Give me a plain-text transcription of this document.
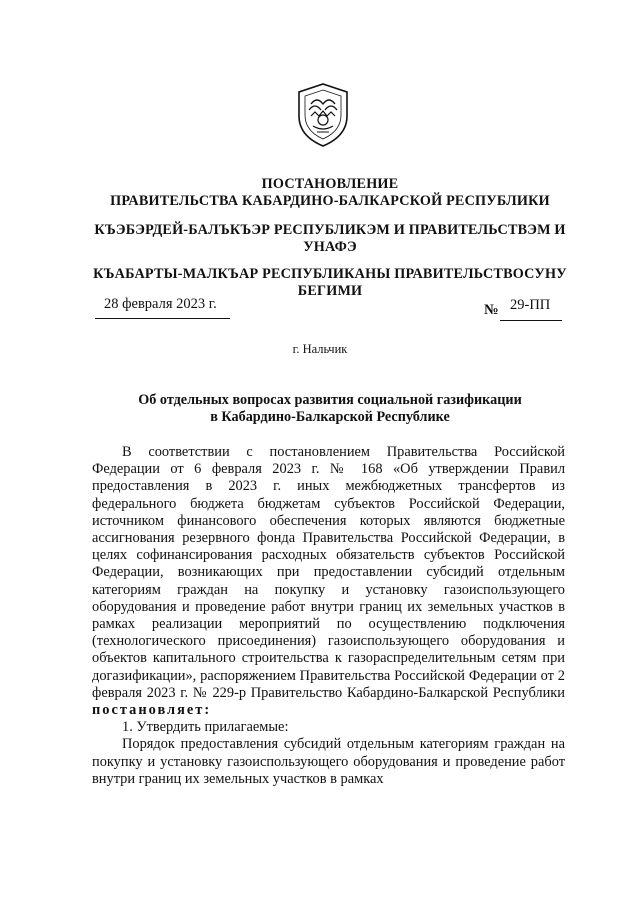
ПОСТАНОВЛЕНИЕ
ПРАВИТЕЛЬСТВА КАБАРДИНО-БАЛКАРСКОЙ РЕСПУБЛИКИ
КЪЭБЭРДЕЙ-БАЛЪКЪЭР РЕСПУБЛИКЭМ И ПРАВИТЕЛЬСТВЭМ И
УНАФЭ
КЪАБАРТЫ-МАЛКЪАР РЕСПУБЛИКАНЫ ПРАВИТЕЛЬСТВОСУНУ
БЕГИМИ
28 февраля 2023 г.	№ 29-ПП
г. Нальчик
Об отдельных вопросах развития социальной газификации
в Кабардино-Балкарской Республике

В соответствии с постановлением Правительства Российской Федерации от 6 февраля 2023 г. № 168 «Об утверждении Правил предоставления в 2023 г. иных межбюджетных трансфертов из федерального бюджета бюджетам субъектов Российской Федерации, источником финансового обеспечения которых являются бюджетные ассигнования резервного фонда Правительства Российской Федерации, в целях софинансирования расходных обязательств субъектов Российской Федерации, возникающих при предоставлении субсидий отдельным категориям граждан на покупку и установку газоиспользующего оборудования и проведение работ внутри границ их земельных участков в рамках реализации мероприятий по осуществлению подключения (технологического присоединения) газоиспользующего оборудования и объектов капитального строительства к газораспределительным сетям при догазификации», распоряжением Правительства Российской Федерации от 2 февраля 2023 г. № 229-р Правительство Кабардино-Балкарской Республики постановляет:

1. Утвердить прилагаемые:

Порядок предоставления субсидий отдельным категориям граждан на покупку и установку газоиспользующего оборудования и проведение работ внутри границ их земельных участков в рамках
